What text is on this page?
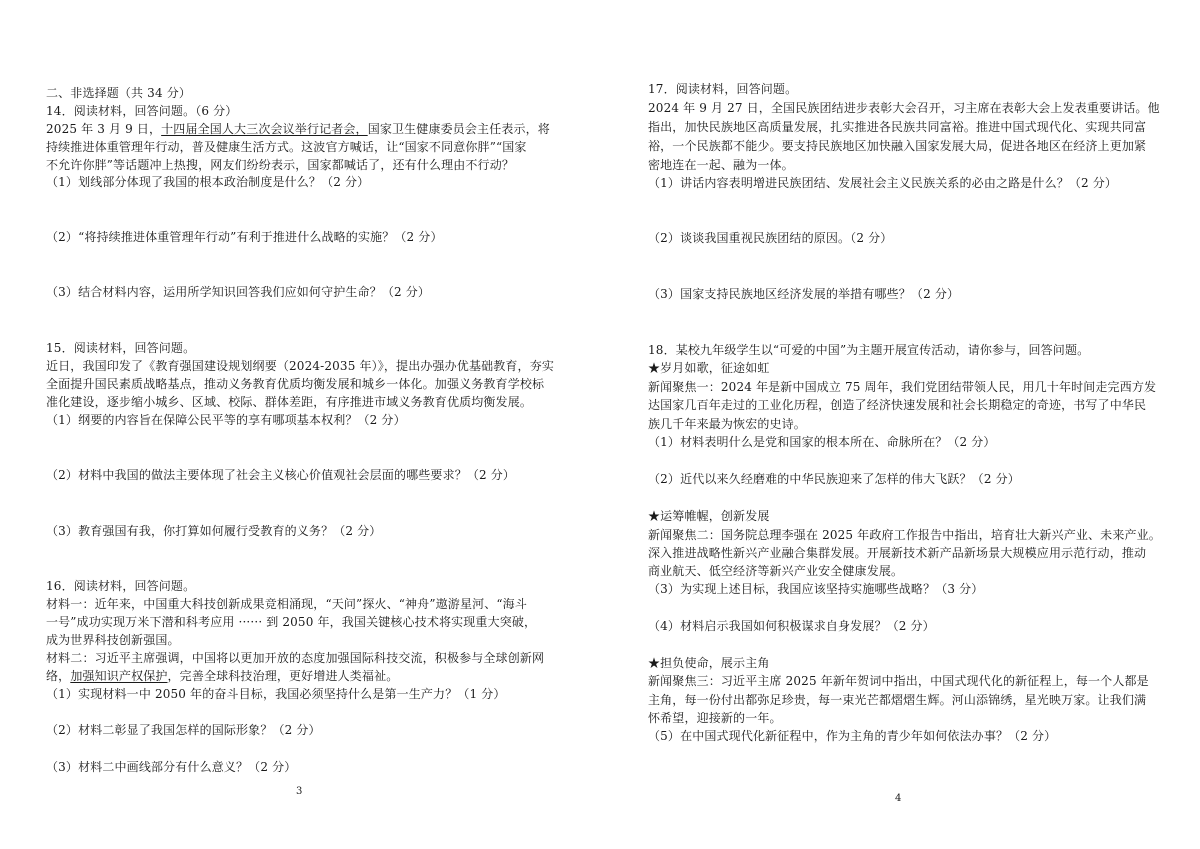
二、非选择题（共 34 分）
14．阅读材料，回答问题。（6 分）
2025 年 3 月 9 日，十四届全国人大三次会议举行记者会，国家卫生健康委员会主任表示，将
持续推进体重管理年行动，普及健康生活方式。这波官方喊话，让“国家不同意你胖”“国家
不允许你胖”等话题冲上热搜，网友们纷纷表示，国家都喊话了，还有什么理由不行动？
（1）划线部分体现了我国的根本政治制度是什么？（2 分）
（2）“将持续推进体重管理年行动”有利于推进什么战略的实施？（2 分）
（3）结合材料内容，运用所学知识回答我们应如何守护生命？（2 分）
15．阅读材料，回答问题。
近日，我国印发了《教育强国建设规划纲要（2024-2035 年）》，提出办强办优基础教育，夯实
全面提升国民素质战略基点，推动义务教育优质均衡发展和城乡一体化。加强义务教育学校标
准化建设，逐步缩小城乡、区域、校际、群体差距，有序推进市域义务教育优质均衡发展。
（1）纲要的内容旨在保障公民平等的享有哪项基本权利？（2 分）
（2）材料中我国的做法主要体现了社会主义核心价值观社会层面的哪些要求？（2 分）
（3）教育强国有我，你打算如何履行受教育的义务？（2 分）
16．阅读材料，回答问题。
材料一：近年来，中国重大科技创新成果竞相涌现，“天问”探火、“神舟”遨游星河、“海斗
一号”成功实现万米下潜和科考应用 ······ 到 2050 年，我国关键核心技术将实现重大突破，
成为世界科技创新强国。
材料二：习近平主席强调，中国将以更加开放的态度加强国际科技交流，积极参与全球创新网
络，加强知识产权保护，完善全球科技治理，更好增进人类福祉。
（1）实现材料一中 2050 年的奋斗目标，我国必须坚持什么是第一生产力？（1 分）
（2）材料二彰显了我国怎样的国际形象？（2 分）
（3）材料二中画线部分有什么意义？（2 分）
3
17．阅读材料，回答问题。
2024 年 9 月 27 日，全国民族团结进步表彰大会召开，习主席在表彰大会上发表重要讲话。他
指出，加快民族地区高质量发展，扎实推进各民族共同富裕。推进中国式现代化、实现共同富
裕，一个民族都不能少。要支持民族地区加快融入国家发展大局，促进各地区在经济上更加紧
密地连在一起、融为一体。
（1）讲话内容表明增进民族团结、发展社会主义民族关系的必由之路是什么？（2 分）
（2）谈谈我国重视民族团结的原因。（2 分）
（3）国家支持民族地区经济发展的举措有哪些？（2 分）
18．某校九年级学生以“可爱的中国”为主题开展宣传活动，请你参与，回答问题。
★岁月如歌，征途如虹
新闻聚焦一：2024 年是新中国成立 75 周年，我们党团结带领人民，用几十年时间走完西方发
达国家几百年走过的工业化历程，创造了经济快速发展和社会长期稳定的奇迹，书写了中华民
族几千年来最为恢宏的史诗。
（1）材料表明什么是党和国家的根本所在、命脉所在？（2 分）
（2）近代以来久经磨难的中华民族迎来了怎样的伟大飞跃？（2 分）
★运筹帷幄，创新发展
新闻聚焦二：国务院总理李强在 2025 年政府工作报告中指出，培育壮大新兴产业、未来产业。
深入推进战略性新兴产业融合集群发展。开展新技术新产品新场景大规模应用示范行动，推动
商业航天、低空经济等新兴产业安全健康发展。
（3）为实现上述目标，我国应该坚持实施哪些战略？（3 分）
（4）材料启示我国如何积极谋求自身发展？（2 分）
★担负使命，展示主角
新闻聚焦三：习近平主席 2025 年新年贺词中指出，中国式现代化的新征程上，每一个人都是
主角，每一份付出都弥足珍贵，每一束光芒都熠熠生辉。河山添锦绣，星光映万家。让我们满
怀希望，迎接新的一年。
（5）在中国式现代化新征程中，作为主角的青少年如何依法办事？（2 分）
4
